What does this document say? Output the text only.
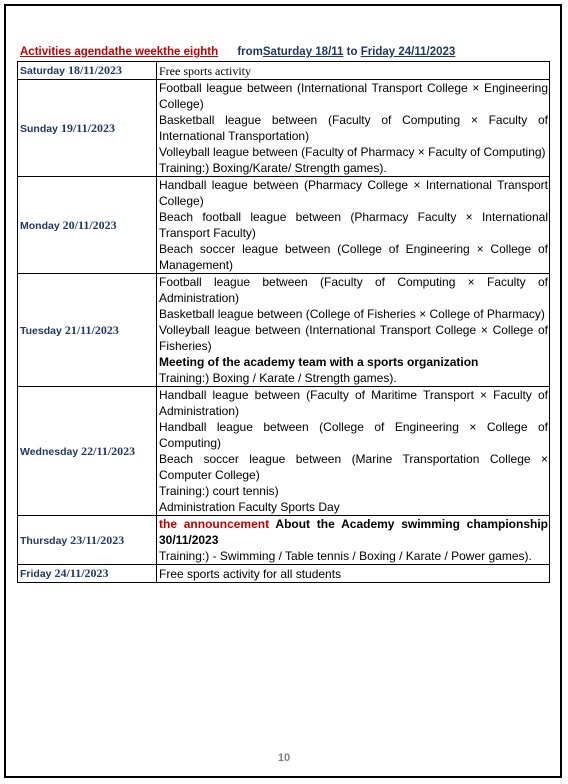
Activities agendathe weekthe eighth fromSaturday 18/11 to Friday 24/11/2023
Saturday 18/11/2023	Free sports activity
Sunday 19/11/2023	Football league between (International Transport College × Engineering College)
Basketball league between (Faculty of Computing × Faculty of International Transportation)
Volleyball league between (Faculty of Pharmacy × Faculty of Computing)
Training:) Boxing/Karate/ Strength games).

Monday 20/11/2023	Handball league between (Pharmacy College × International Transport College)
Beach football league between (Pharmacy Faculty × International Transport Faculty)
Beach soccer league between (College of Engineering × College of Management)

Tuesday 21/11/2023	Football league between (Faculty of Computing × Faculty of Administration)
Basketball league between (College of Fisheries × College of Pharmacy)
Volleyball league between (International Transport College × College of Fisheries)
Meeting of the academy team with a sports organization
Training:) Boxing / Karate / Strength games).

Wednesday 22/11/2023	Handball league between (Faculty of Maritime Transport × Faculty of Administration)
Handball league between (College of Engineering × College of Computing)
Beach soccer league between (Marine Transportation College × Computer College)
Training:) court tennis)
Administration Faculty Sports Day

Thursday 23/11/2023	the announcement About the Academy swimming championship 30/11/2023
Training:) - Swimming / Table tennis / Boxing / Karate / Power games).

Friday 24/11/2023	Free sports activity for all students
10
